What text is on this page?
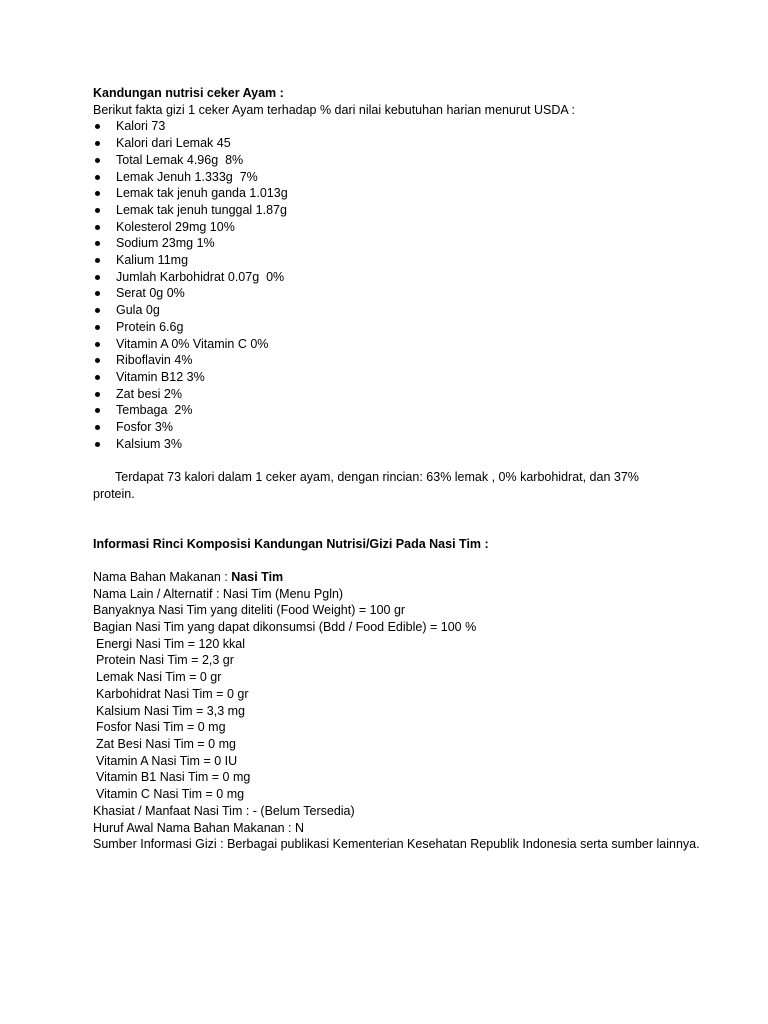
Kandungan nutrisi ceker Ayam :
Berikut fakta gizi 1 ceker Ayam terhadap % dari nilai kebutuhan harian menurut USDA :
Kalori 73
Kalori dari Lemak 45
Total Lemak 4.96g  8%
Lemak Jenuh 1.333g  7%
Lemak tak jenuh ganda 1.013g
Lemak tak jenuh tunggal 1.87g
Kolesterol 29mg 10%
Sodium 23mg 1%
Kalium 11mg
Jumlah Karbohidrat 0.07g  0%
Serat 0g 0%
Gula 0g
Protein 6.6g
Vitamin A 0% Vitamin C 0%
Riboflavin 4%
Vitamin B12 3%
Zat besi 2%
Tembaga  2%
Fosfor 3%
Kalsium 3%
Terdapat 73 kalori dalam 1 ceker ayam, dengan rincian: 63% lemak , 0% karbohidrat, dan 37% protein.
Informasi Rinci Komposisi Kandungan Nutrisi/Gizi Pada Nasi Tim :
Nama Bahan Makanan : Nasi Tim
Nama Lain / Alternatif : Nasi Tim (Menu Pgln)
Banyaknya Nasi Tim yang diteliti (Food Weight) = 100 gr
Bagian Nasi Tim yang dapat dikonsumsi (Bdd / Food Edible) = 100 %
Energi Nasi Tim = 120 kkal
Protein Nasi Tim = 2,3 gr
Lemak Nasi Tim = 0 gr
Karbohidrat Nasi Tim = 0 gr
Kalsium Nasi Tim = 3,3 mg
Fosfor Nasi Tim = 0 mg
Zat Besi Nasi Tim = 0 mg
Vitamin A Nasi Tim = 0 IU
Vitamin B1 Nasi Tim = 0 mg
Vitamin C Nasi Tim = 0 mg
Khasiat / Manfaat Nasi Tim : - (Belum Tersedia)
Huruf Awal Nama Bahan Makanan : N
Sumber Informasi Gizi : Berbagai publikasi Kementerian Kesehatan Republik Indonesia serta sumber lainnya.
